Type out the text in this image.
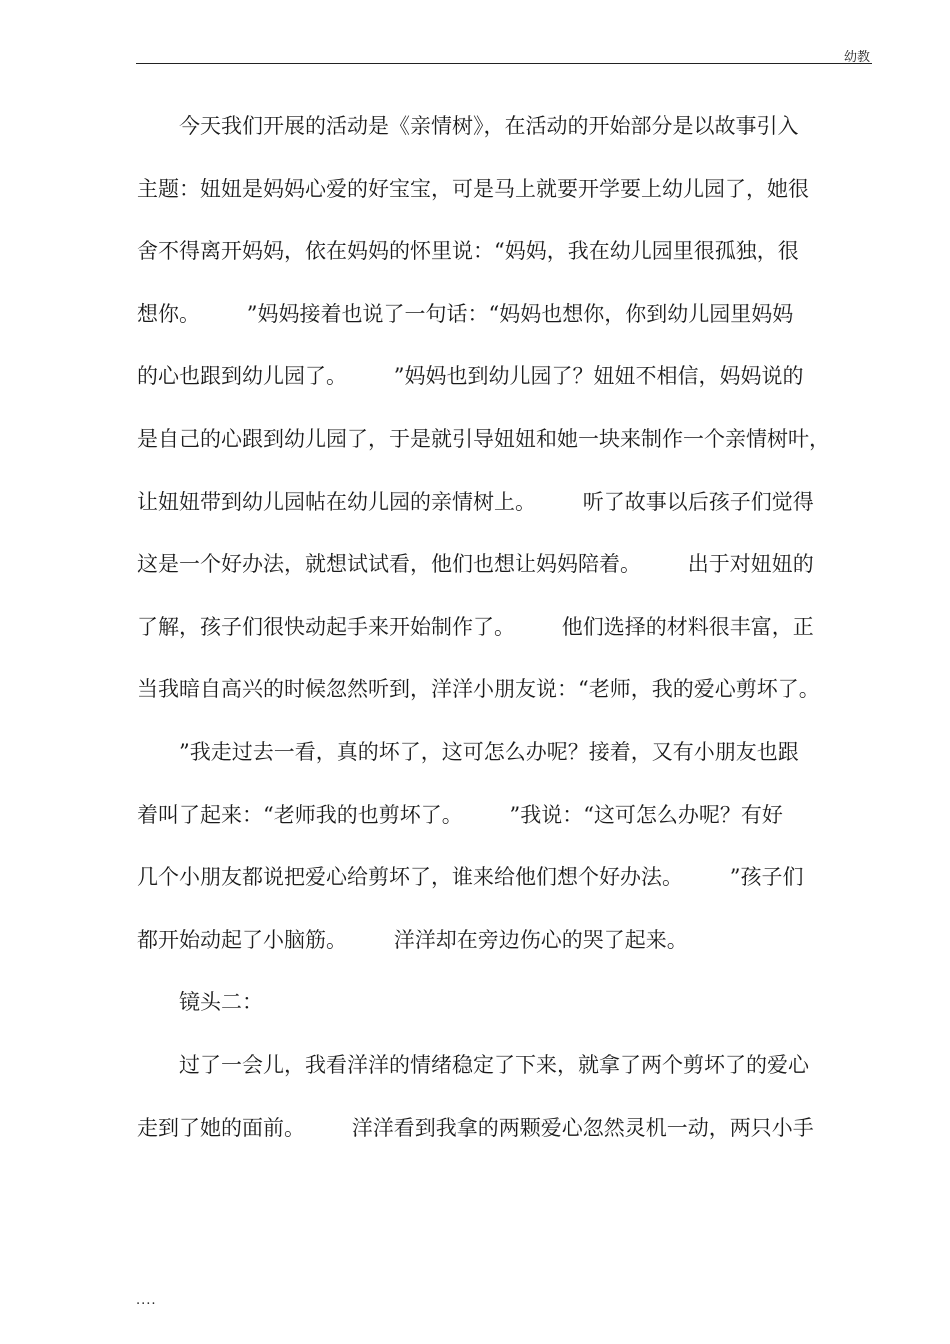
幼教
今天我们开展的活动是《亲情树》，在活动的开始部分是以故事引入
主题：妞妞是妈妈心爱的好宝宝，可是马上就要开学要上幼儿园了，她很
舍不得离开妈妈，依在妈妈的怀里说：“妈妈，我在幼儿园里很孤独，很
想你。       ”妈妈接着也说了一句话：“妈妈也想你，你到幼儿园里妈妈
的心也跟到幼儿园了。       ”妈妈也到幼儿园了？妞妞不相信，妈妈说的
是自己的心跟到幼儿园了，于是就引导妞妞和她一块来制作一个亲情树叶，
让妞妞带到幼儿园帖在幼儿园的亲情树上。       听了故事以后孩子们觉得
这是一个好办法，就想试试看，他们也想让妈妈陪着。       出于对妞妞的
了解，孩子们很快动起手来开始制作了。       他们选择的材料很丰富，正
当我暗自高兴的时候忽然听到，洋洋小朋友说：“老师，我的爱心剪坏了。
”我走过去一看，真的坏了，这可怎么办呢？接着，又有小朋友也跟
着叫了起来：“老师我的也剪坏了。       ”我说：“这可怎么办呢？有好
几个小朋友都说把爱心给剪坏了，谁来给他们想个好办法。       ”孩子们
都开始动起了小脑筋。       洋洋却在旁边伤心的哭了起来。
镜头二：
过了一会儿，我看洋洋的情绪稳定了下来，就拿了两个剪坏了的爱心
走到了她的面前。       洋洋看到我拿的两颗爱心忽然灵机一动，两只小手
....
